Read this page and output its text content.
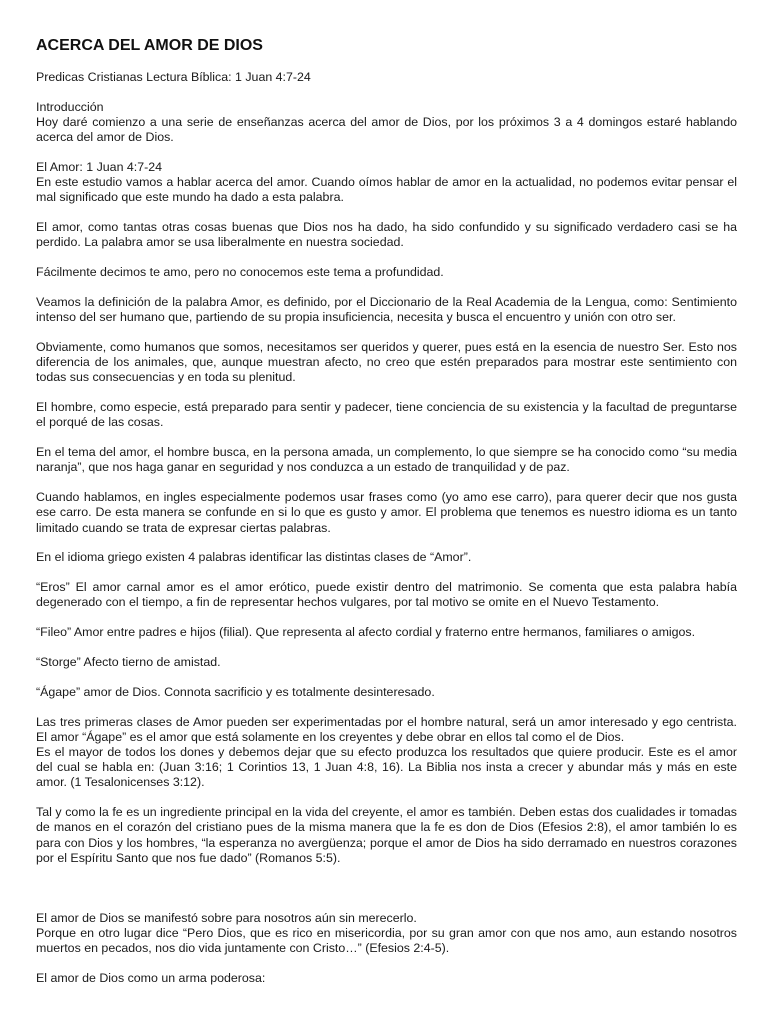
ACERCA DEL AMOR DE DIOS

Predicas Cristianas Lectura Bíblica: 1 Juan 4:7-24

Introducción
Hoy daré comienzo a una serie de enseñanzas acerca del amor de Dios, por los próximos 3 a 4 domingos estaré hablando acerca del amor de Dios.

El Amor: 1 Juan 4:7-24
En este estudio vamos a hablar acerca del amor. Cuando oímos hablar de amor en la actualidad, no podemos evitar pensar el mal significado que este mundo ha dado a esta palabra.

El amor, como tantas otras cosas buenas que Dios nos ha dado, ha sido confundido y su significado verdadero casi se ha perdido. La palabra amor se usa liberalmente en nuestra sociedad.

Fácilmente decimos te amo, pero no conocemos este tema a profundidad.

Veamos la definición de la palabra Amor, es definido, por el Diccionario de la Real Academia de la Lengua, como: Sentimiento intenso del ser humano que, partiendo de su propia insuficiencia, necesita y busca el encuentro y unión con otro ser.

Obviamente, como humanos que somos, necesitamos ser queridos y querer, pues está en la esencia de nuestro Ser. Esto nos diferencia de los animales, que, aunque muestran afecto, no creo que estén preparados para mostrar este sentimiento con todas sus consecuencias y en toda su plenitud.

El hombre, como especie, está preparado para sentir y padecer, tiene conciencia de su existencia y la facultad de preguntarse el porqué de las cosas.

En el tema del amor, el hombre busca, en la persona amada, un complemento, lo que siempre se ha conocido como “su media naranja”, que nos haga ganar en seguridad y nos conduzca a un estado de tranquilidad y de paz.

Cuando hablamos, en ingles especialmente podemos usar frases como (yo amo ese carro), para querer decir que nos gusta ese carro. De esta manera se confunde en si lo que es gusto y amor. El problema que tenemos es nuestro idioma es un tanto limitado cuando se trata de expresar ciertas palabras.

En el idioma griego existen 4 palabras identificar las distintas clases de “Amor”.

“Eros” El amor carnal amor es el amor erótico, puede existir dentro del matrimonio. Se comenta que esta palabra había degenerado con el tiempo, a fin de representar hechos vulgares, por tal motivo se omite en el Nuevo Testamento.

“Fileo” Amor entre padres e hijos (filial). Que representa al afecto cordial y fraterno entre hermanos, familiares o amigos.

“Storge” Afecto tierno de amistad.

“Ágape” amor de Dios. Connota sacrificio y es totalmente desinteresado.

Las tres primeras clases de Amor pueden ser experimentadas por el hombre natural, será un amor interesado y ego centrista. El amor “Ágape” es el amor que está solamente en los creyentes y debe obrar en ellos tal como el de Dios.
Es el mayor de todos los dones y debemos dejar que su efecto produzca los resultados que quiere producir. Este es el amor del cual se habla en: (Juan 3:16; 1 Corintios 13, 1 Juan 4:8, 16). La Biblia nos insta a crecer y abundar más y más en este amor. (1 Tesalonicenses 3:12).

Tal y como la fe es un ingrediente principal en la vida del creyente, el amor es también. Deben estas dos cualidades ir tomadas de manos en el corazón del cristiano pues de la misma manera que la fe es don de Dios (Efesios 2:8), el amor también lo es para con Dios y los hombres, “la esperanza no avergüenza; porque el amor de Dios ha sido derramado en nuestros corazones por el Espíritu Santo que nos fue dado” (Romanos 5:5).

El amor de Dios se manifestó sobre para nosotros aún sin merecerlo.
Porque en otro lugar dice “Pero Dios, que es rico en misericordia, por su gran amor con que nos amo, aun estando nosotros muertos en pecados, nos dio vida juntamente con Cristo…” (Efesios 2:4-5).

El amor de Dios como un arma poderosa:
